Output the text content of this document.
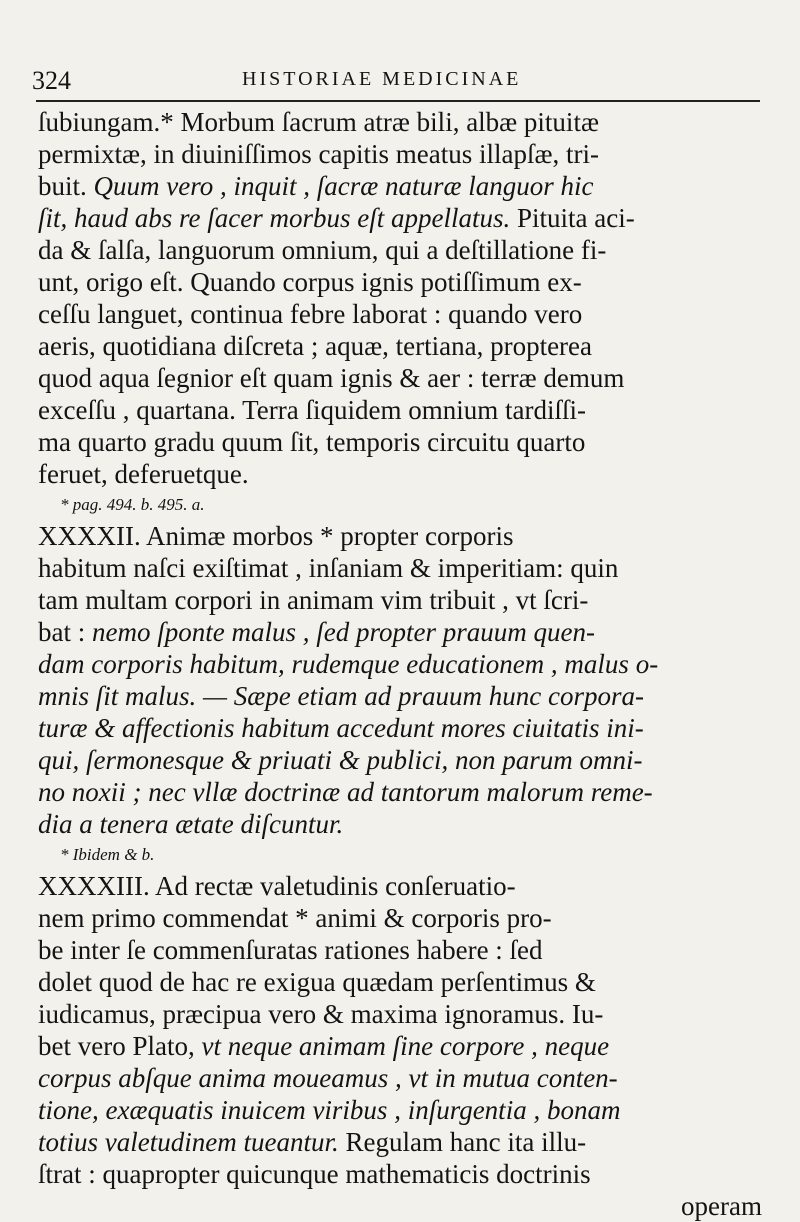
324	HISTORIAE MEDICINAE
ſubiungam.* Morbum ſacrum atræ bili, albæ pituitæ
permixtæ, in diuiniſſimos capitis meatus illapſæ, tri-
buit. Quum vero , inquit , ſacræ naturæ languor hic
ſit, haud abs re ſacer morbus eſt appellatus. Pituita aci-
da & ſalſa, languorum omnium, qui a deſtillatione fi-
unt, origo eſt. Quando corpus ignis potiſſimum ex-
ceſſu languet, continua febre laborat : quando vero
aeris, quotidiana diſcreta ; aquæ, tertiana, propterea
quod aqua ſegnior eſt quam ignis & aer : terræ demum
exceſſu , quartana. Terra ſiquidem omnium tardiſſi-
ma quarto gradu quum ſit, temporis circuitu quarto
feruet, deferuetque.
* pag. 494. b. 495. a.
XXXXII. Animæ morbos * propter corporis
habitum naſci exiſtimat , inſaniam & imperitiam: quin
tam multam corpori in animam vim tribuit , vt ſcri-
bat : nemo ſponte malus , ſed propter prauum quen-
dam corporis habitum, rudemque educationem , malus o-
mnis ſit malus. — Sæpe etiam ad prauum hunc corpora-
turæ & affectionis habitum accedunt mores ciuitatis ini-
qui, ſermonesque & priuati & publici, non parum omni-
no noxii ; nec vllæ doctrinæ ad tantorum malorum reme-
dia a tenera ætate diſcuntur.
* Ibidem & b.
XXXXIII. Ad rectæ valetudinis conſeruatio-
nem primo commendat * animi & corporis pro-
be inter ſe commenſuratas rationes habere : ſed
dolet quod de hac re exigua quædam perſentimus &
iudicamus, præcipua vero & maxima ignoramus. Iu-
bet vero Plato, vt neque animam ſine corpore , neque
corpus abſque anima moueamus , vt in mutua conten-
tione, exæquatis inuicem viribus , inſurgentia , bonam
totius valetudinem tueantur. Regulam hanc ita illu-
ſtrat : quapropter quicunque mathematicis doctrinis
operam
